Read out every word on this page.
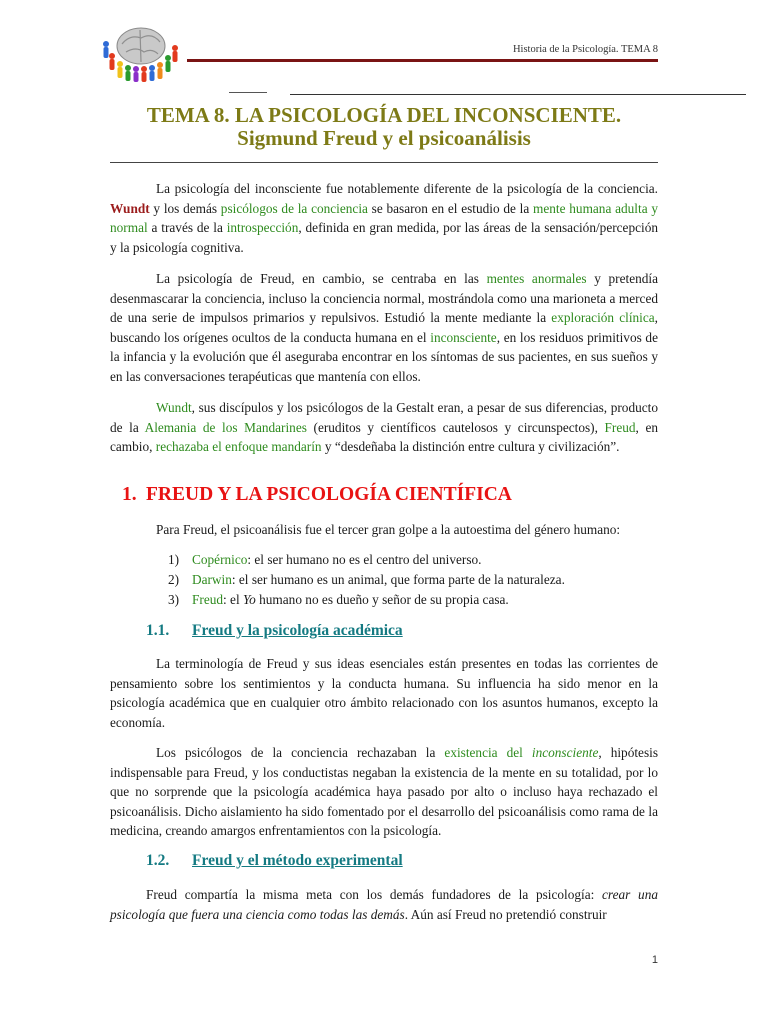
Historia de la Psicología. TEMA 8
TEMA 8. LA PSICOLOGÍA DEL INCONSCIENTE.
Sigmund Freud y el psicoanálisis

La psicología del inconsciente fue notablemente diferente de la psicología de la conciencia. Wundt y los demás psicólogos de la conciencia se basaron en el estudio de la mente humana adulta y normal a través de la introspección, definida en gran medida, por las áreas de la sensación/percepción y la psicología cognitiva.

La psicología de Freud, en cambio, se centraba en las mentes anormales y pretendía desenmascarar la conciencia, incluso la conciencia normal, mostrándola como una marioneta a merced de una serie de impulsos primarios y repulsivos. Estudió la mente mediante la exploración clínica, buscando los orígenes ocultos de la conducta humana en el inconsciente, en los residuos primitivos de la infancia y la evolución que él aseguraba encontrar en los síntomas de sus pacientes, en sus sueños y en las conversaciones terapéuticas que mantenía con ellos.

Wundt, sus discípulos y los psicólogos de la Gestalt eran, a pesar de sus diferencias, producto de la Alemania de los Mandarines (eruditos y científicos cautelosos y circunspectos), Freud, en cambio, rechazaba el enfoque mandarín y “desdeñaba la distinción entre cultura y civilización”.

1. FREUD Y LA PSICOLOGÍA CIENTÍFICA

Para Freud, el psicoanálisis fue el tercer gran golpe a la autoestima del género humano:

1) Copérnico: el ser humano no es el centro del universo.
2) Darwin: el ser humano es un animal, que forma parte de la naturaleza.
3) Freud: el Yo humano no es dueño y señor de su propia casa.
1.1. Freud y la psicología académica

La terminología de Freud y sus ideas esenciales están presentes en todas las corrientes de pensamiento sobre los sentimientos y la conducta humana. Su influencia ha sido menor en la psicología académica que en cualquier otro ámbito relacionado con los asuntos humanos, excepto la economía.

Los psicólogos de la conciencia rechazaban la existencia del inconsciente, hipótesis indispensable para Freud, y los conductistas negaban la existencia de la mente en su totalidad, por lo que no sorprende que la psicología académica haya pasado por alto o incluso haya rechazado el psicoanálisis. Dicho aislamiento ha sido fomentado por el desarrollo del psicoanálisis como rama de la medicina, creando amargos enfrentamientos con la psicología.

1.2. Freud y el método experimental

Freud compartía la misma meta con los demás fundadores de la psicología: crear una psicología que fuera una ciencia como todas las demás. Aún así Freud no pretendió construir

1
